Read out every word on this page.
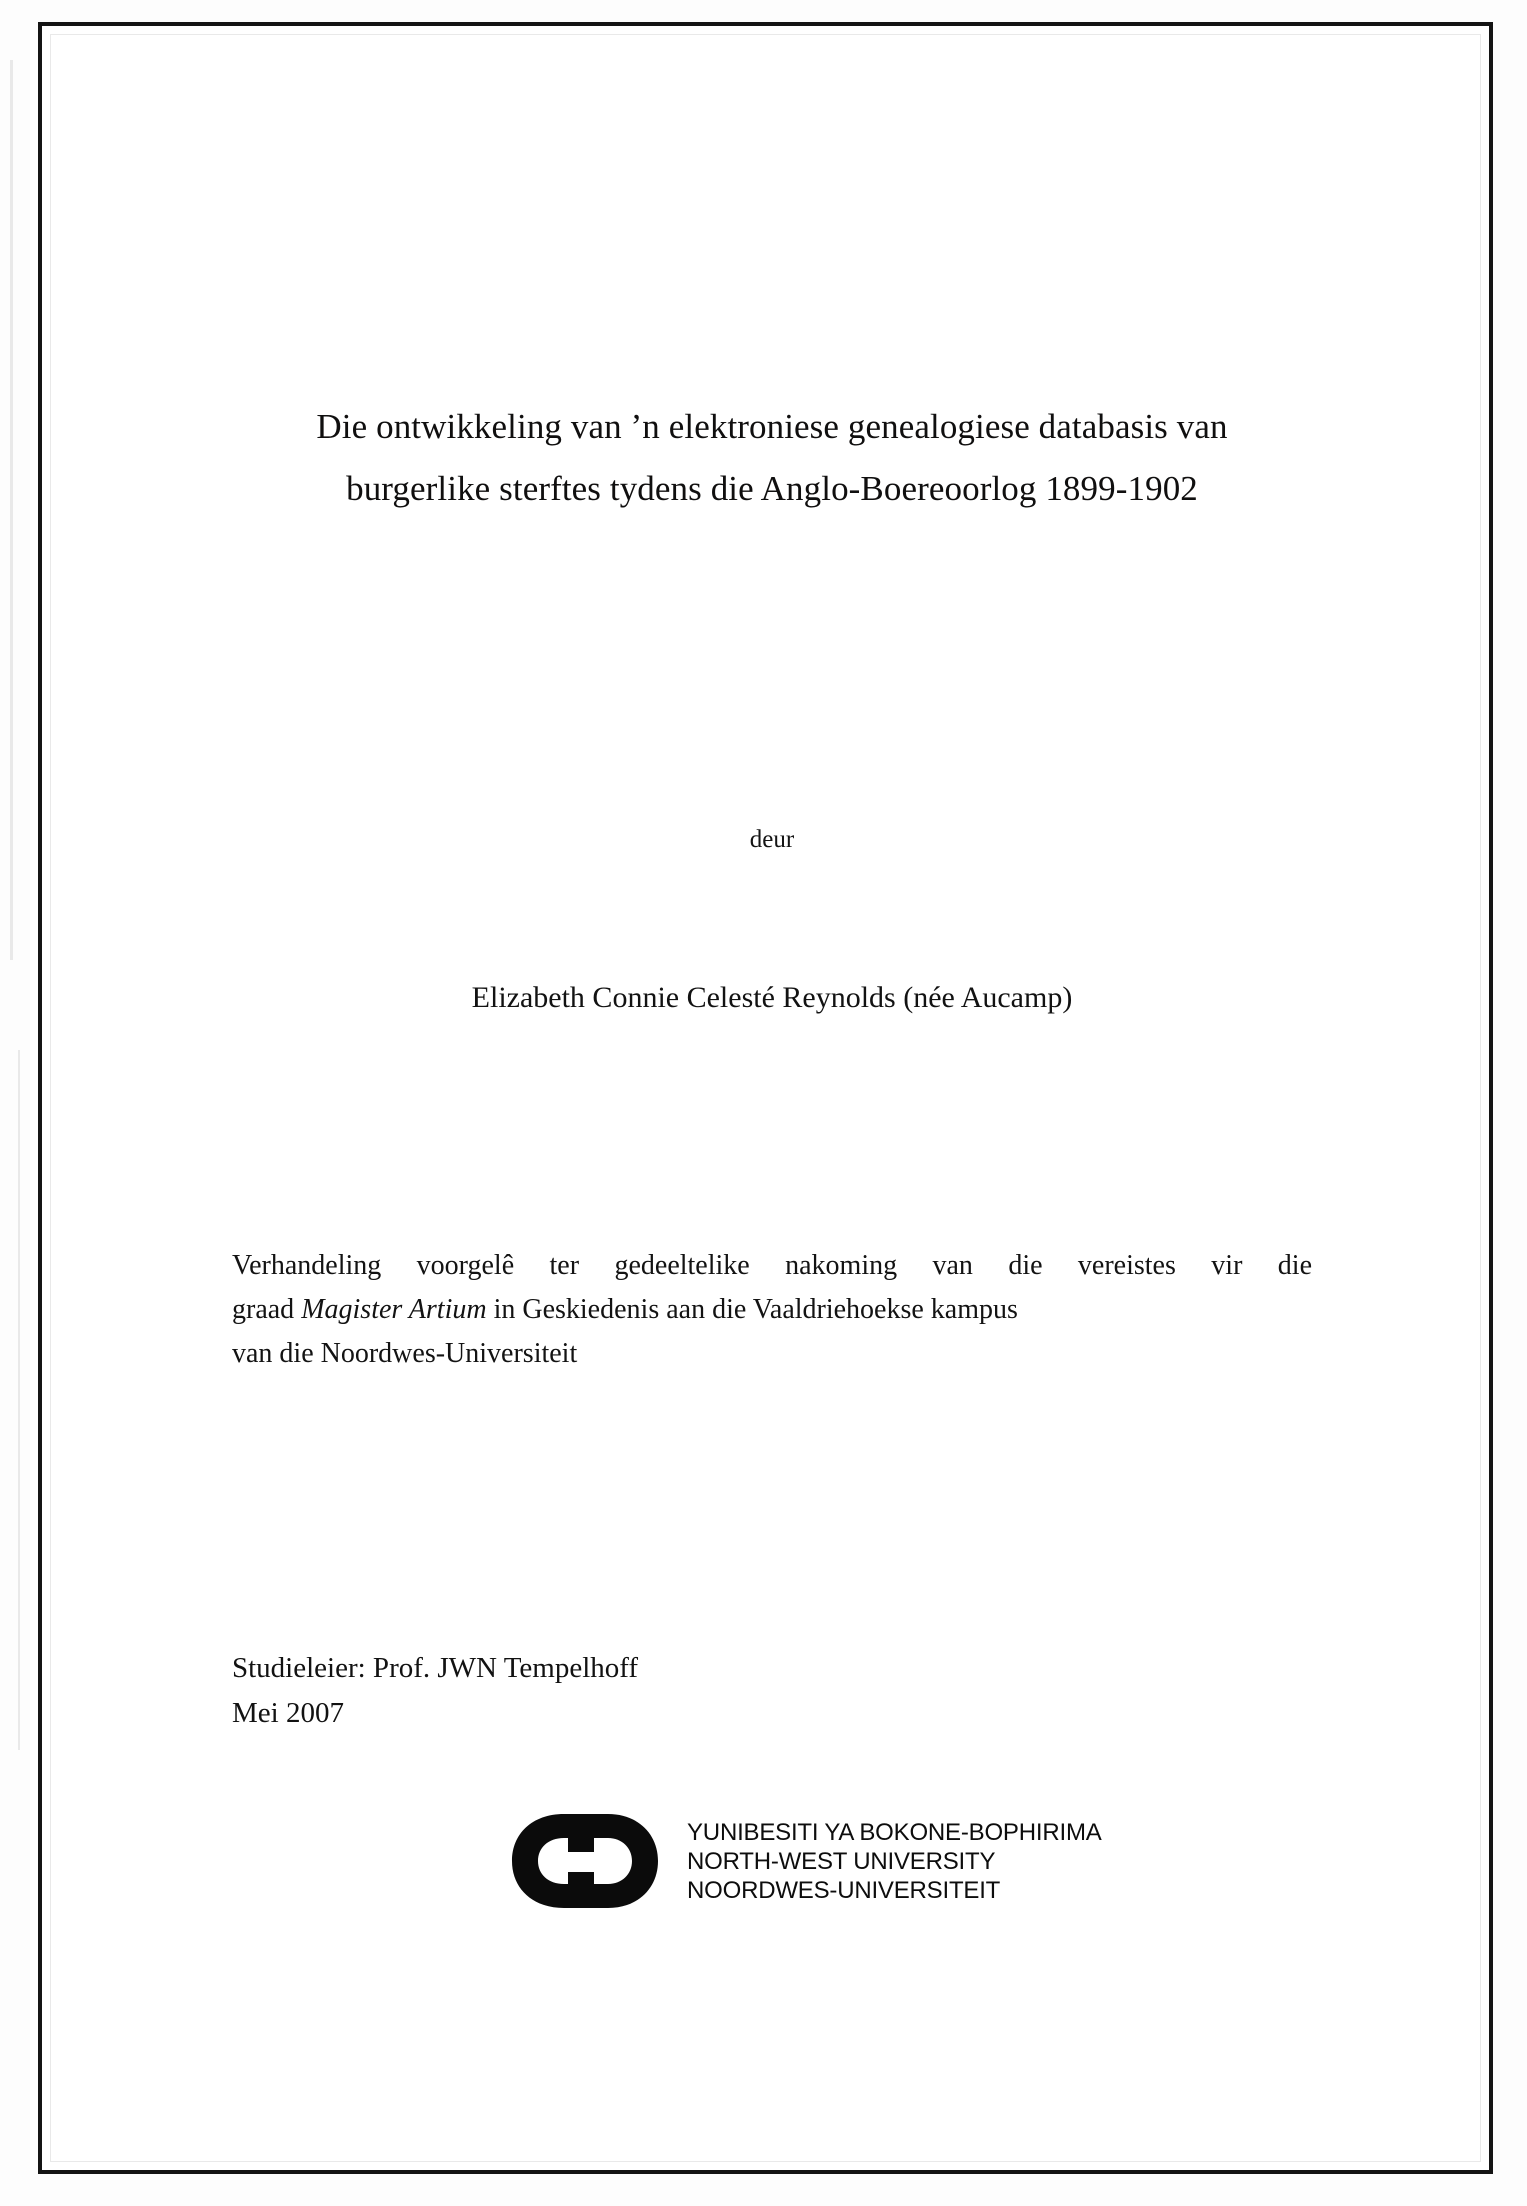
Die ontwikkeling van ’n elektroniese genealogiese databasis van
burgerlike sterftes tydens die Anglo-Boereoorlog 1899-1902
deur
Elizabeth Connie Celesté Reynolds (née Aucamp)

Verhandeling voorgelê ter gedeeltelike nakoming van die vereistes vir die

graad Magister Artium in Geskiedenis aan die Vaaldriehoekse kampus

van die Noordwes-Universiteit

Studieleier: Prof. JWN Tempelhoff
Mei 2007
YUNIBESITI YA BOKONE-BOPHIRIMA
NORTH-WEST UNIVERSITY
NOORDWES-UNIVERSITEIT
